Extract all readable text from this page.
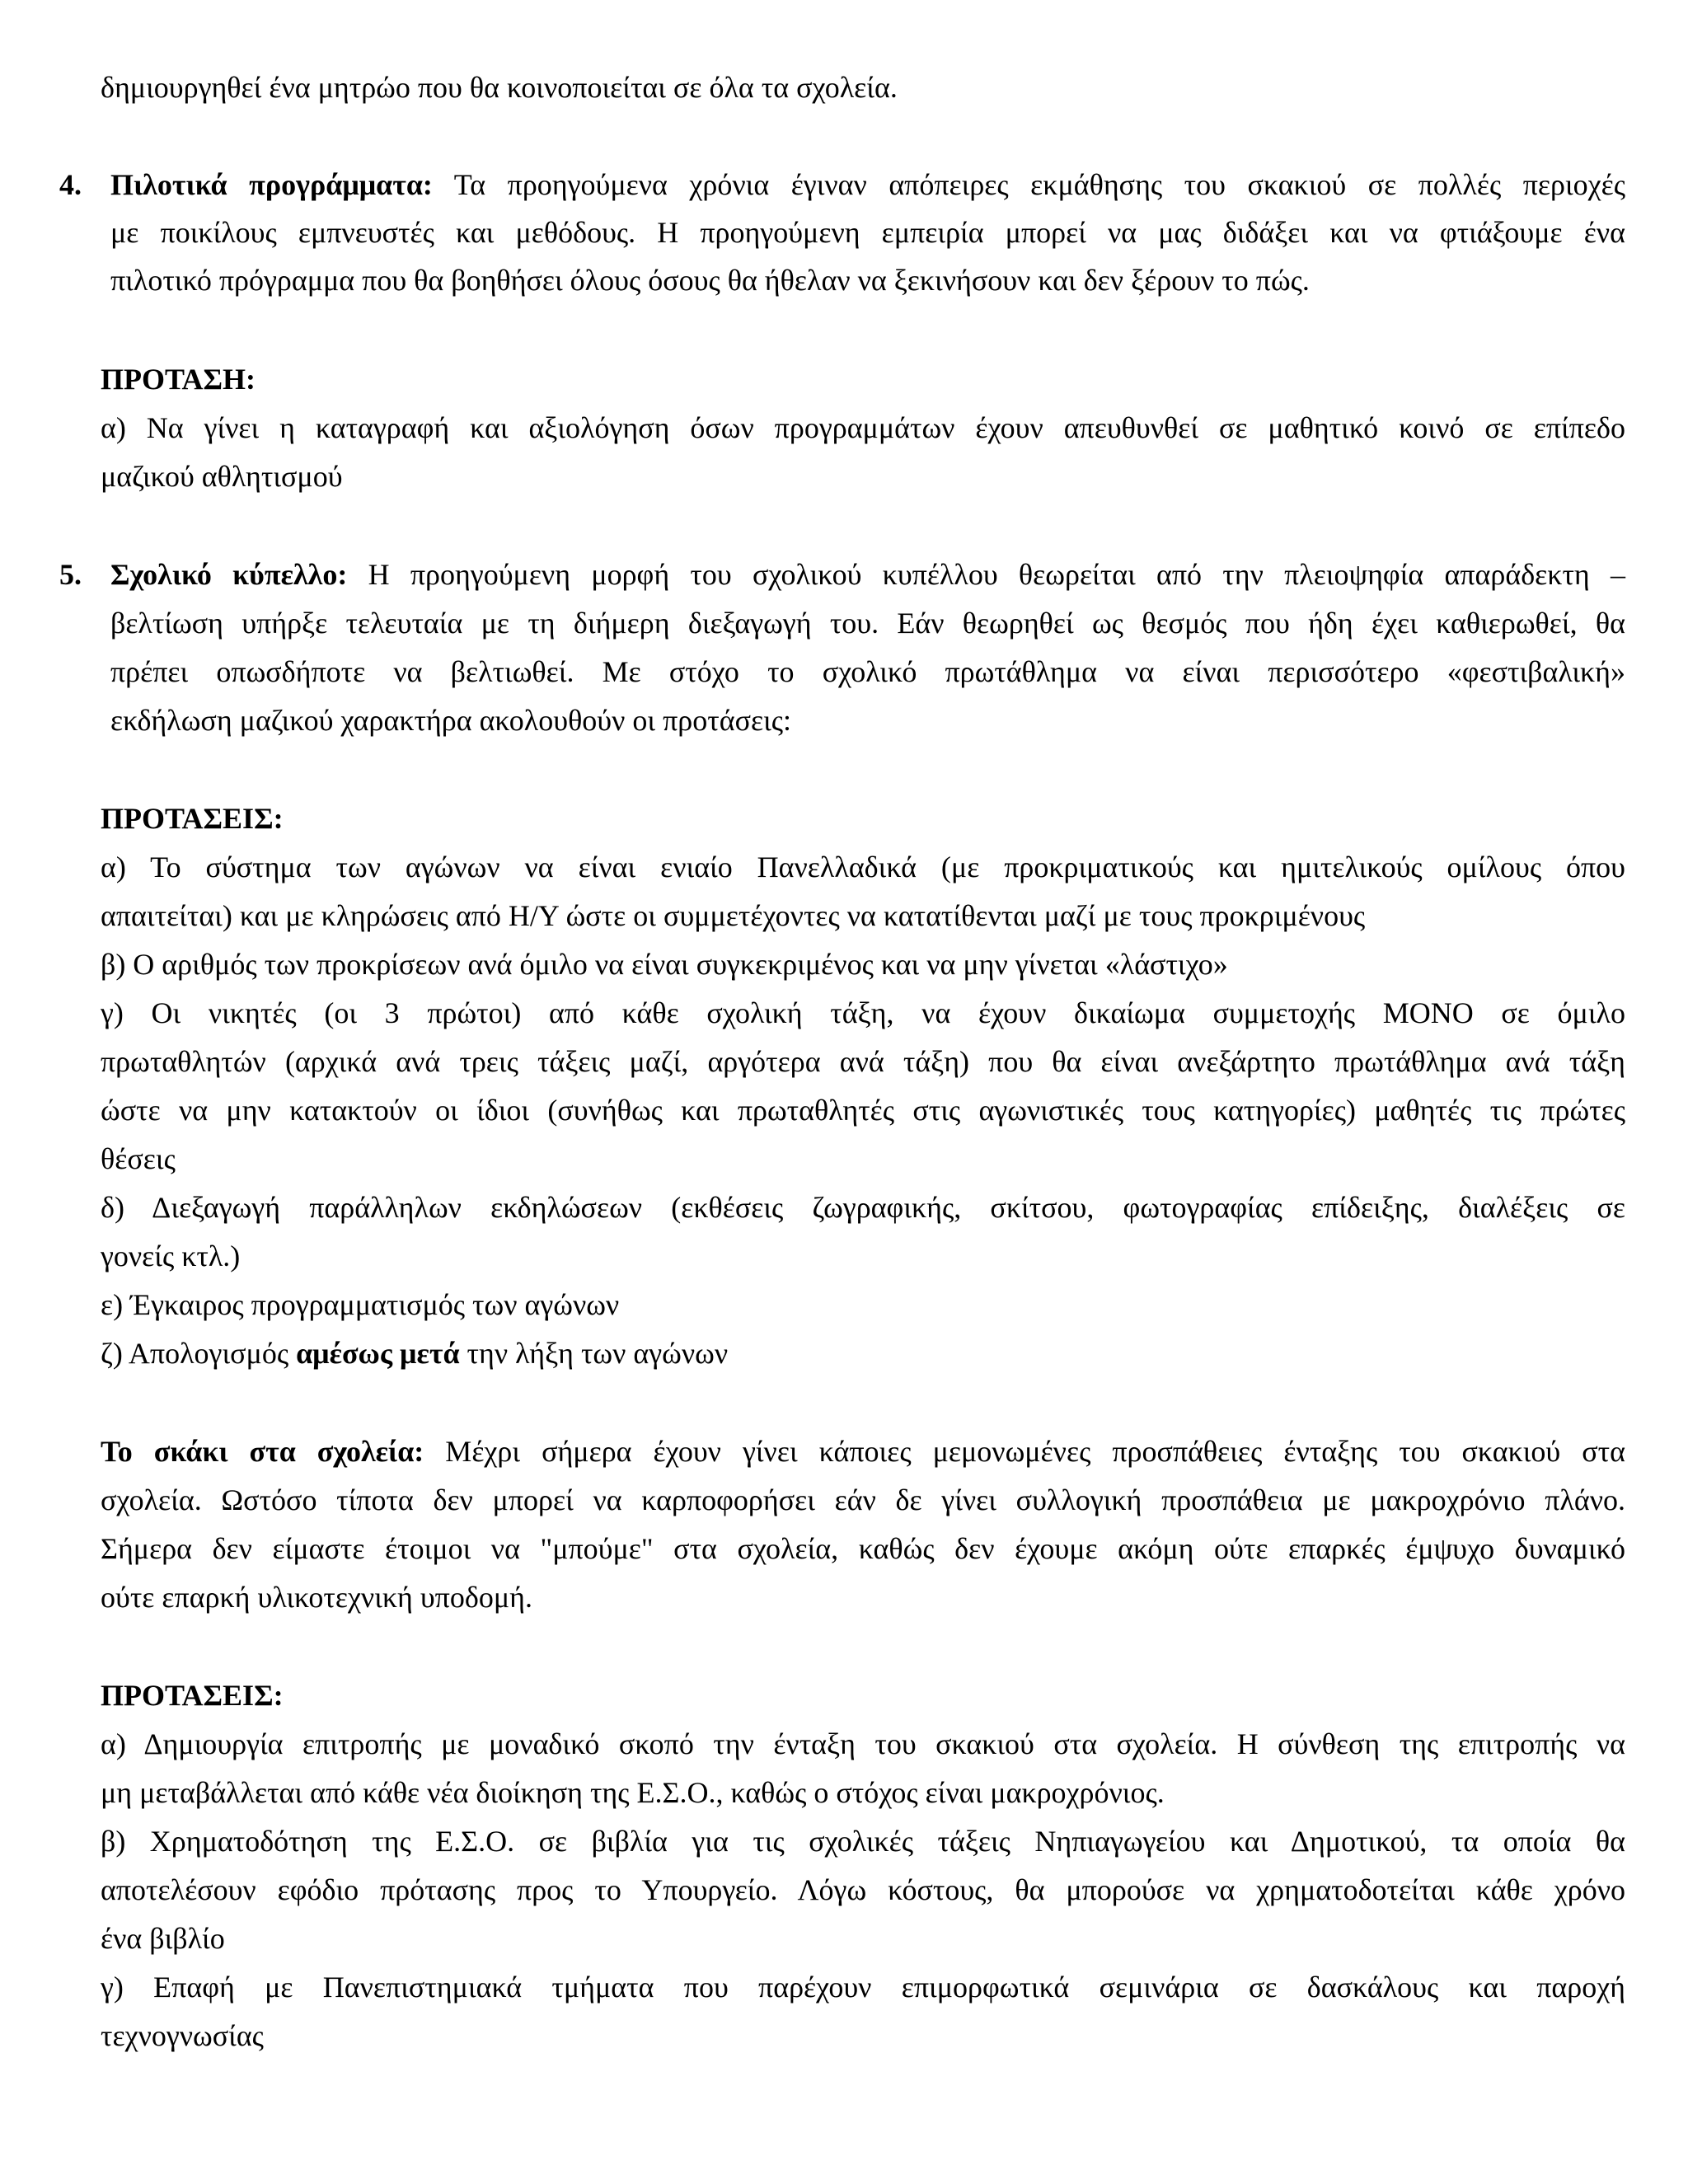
δημιουργηθεί ένα μητρώο που θα κοινοποιείται σε όλα τα σχολεία.
4. Πιλοτικά προγράμματα: Τα προηγούμενα χρόνια έγιναν απόπειρες εκμάθησης του σκακιού σε πολλές περιοχές
με ποικίλους εμπνευστές και μεθόδους. Η προηγούμενη εμπειρία μπορεί να μας διδάξει και να φτιάξουμε ένα
πιλοτικό πρόγραμμα που θα βοηθήσει όλους όσους θα ήθελαν να ξεκινήσουν και δεν ξέρουν το πώς.
ΠΡΟΤΑΣΗ:
α) Να γίνει η καταγραφή και αξιολόγηση όσων προγραμμάτων έχουν απευθυνθεί σε μαθητικό κοινό σε επίπεδο
μαζικού αθλητισμού
5. Σχολικό κύπελλο: Η προηγούμενη μορφή του σχολικού κυπέλλου θεωρείται από την πλειοψηφία απαράδεκτη –
βελτίωση υπήρξε τελευταία με τη διήμερη διεξαγωγή του. Εάν θεωρηθεί ως θεσμός που ήδη έχει καθιερωθεί, θα
πρέπει οπωσδήποτε να βελτιωθεί. Με στόχο το σχολικό πρωτάθλημα να είναι περισσότερο «φεστιβαλική»
εκδήλωση μαζικού χαρακτήρα ακολουθούν οι προτάσεις:
ΠΡΟΤΑΣΕΙΣ:
α) Το σύστημα των αγώνων να είναι ενιαίο Πανελλαδικά (με προκριματικούς και ημιτελικούς ομίλους όπου
απαιτείται) και με κληρώσεις από Η/Υ ώστε οι συμμετέχοντες να κατατίθενται μαζί με τους προκριμένους
β) Ο αριθμός των προκρίσεων ανά όμιλο να είναι συγκεκριμένος και να μην γίνεται «λάστιχο»
γ) Οι νικητές (οι 3 πρώτοι) από κάθε σχολική τάξη, να έχουν δικαίωμα συμμετοχής ΜΟΝΟ σε όμιλο
πρωταθλητών (αρχικά ανά τρεις τάξεις μαζί, αργότερα ανά τάξη) που θα είναι ανεξάρτητο πρωτάθλημα ανά τάξη
ώστε να μην κατακτούν οι ίδιοι (συνήθως και πρωταθλητές στις αγωνιστικές τους κατηγορίες) μαθητές τις πρώτες
θέσεις
δ) Διεξαγωγή παράλληλων εκδηλώσεων (εκθέσεις ζωγραφικής, σκίτσου, φωτογραφίας επίδειξης, διαλέξεις σε
γονείς κτλ.)
ε) Έγκαιρος προγραμματισμός των αγώνων
ζ) Απολογισμός αμέσως μετά την λήξη των αγώνων
Το σκάκι στα σχολεία: Μέχρι σήμερα έχουν γίνει κάποιες μεμονωμένες προσπάθειες ένταξης του σκακιού στα
σχολεία. Ωστόσο τίποτα δεν μπορεί να καρποφορήσει εάν δε γίνει συλλογική προσπάθεια με μακροχρόνιο πλάνο.
Σήμερα δεν είμαστε έτοιμοι να "μπούμε" στα σχολεία, καθώς δεν έχουμε ακόμη ούτε επαρκές έμψυχο δυναμικό
ούτε επαρκή υλικοτεχνική υποδομή.
ΠΡΟΤΑΣΕΙΣ:
α) Δημιουργία επιτροπής με μοναδικό σκοπό την ένταξη του σκακιού στα σχολεία. Η σύνθεση της επιτροπής να
μη μεταβάλλεται από κάθε νέα διοίκηση της Ε.Σ.Ο., καθώς ο στόχος είναι μακροχρόνιος.
β) Χρηματοδότηση της Ε.Σ.Ο. σε βιβλία για τις σχολικές τάξεις Νηπιαγωγείου και Δημοτικού, τα οποία θα
αποτελέσουν εφόδιο πρότασης προς το Υπουργείο. Λόγω κόστους, θα μπορούσε να χρηματοδοτείται κάθε χρόνο
ένα βιβλίο
γ) Επαφή με Πανεπιστημιακά τμήματα που παρέχουν επιμορφωτικά σεμινάρια σε δασκάλους και παροχή
τεχνογνωσίας
